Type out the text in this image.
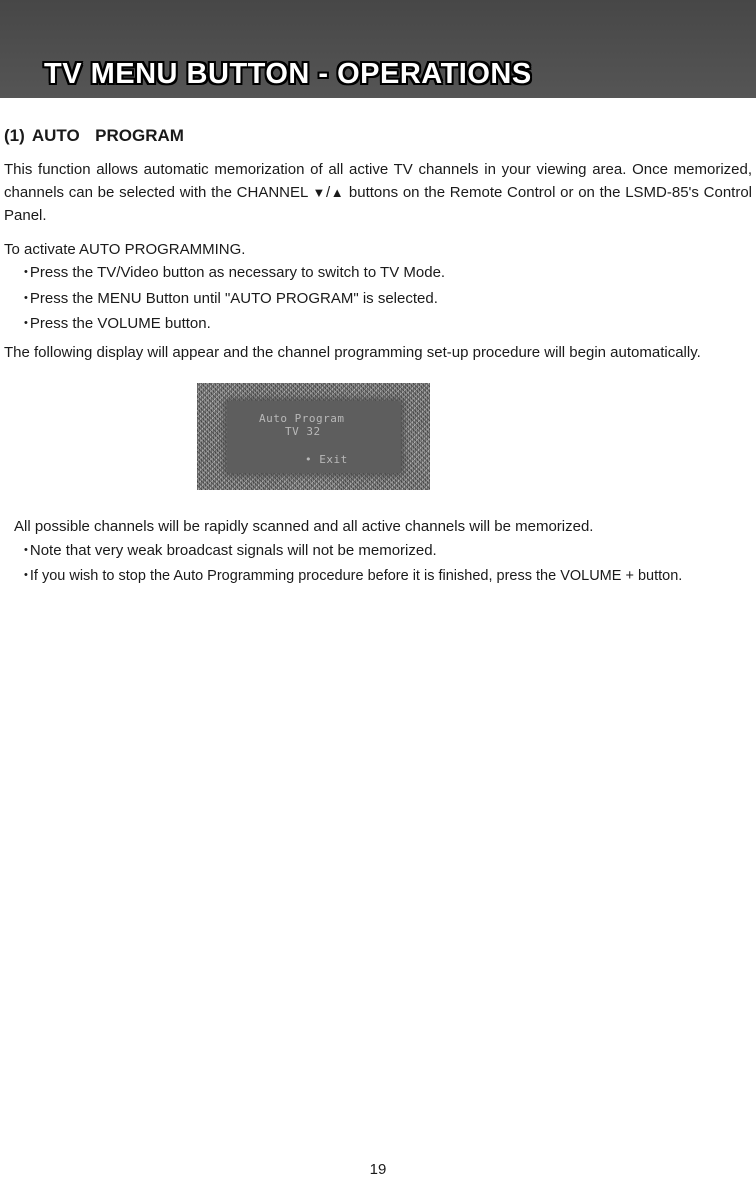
TV MENU BUTTON - OPERATIONS
(1) AUTO  PROGRAM
This function allows automatic memorization of all active TV channels in your viewing area. Once memorized, channels can be selected with the CHANNEL ▼/▲ buttons on the Remote Control or on the LSMD-85's Control Panel.
To activate AUTO PROGRAMMING.
• Press the TV/Video button as necessary to switch to TV Mode.
• Press the MENU Button until "AUTO PROGRAM" is selected.
• Press the VOLUME button.
The following display will appear and the channel programming set-up procedure will begin automatically.
Auto Program
TV 32
• Exit
All possible channels will be rapidly scanned and all active channels will be memorized.
• Note that very weak broadcast signals will not be memorized.
• If you wish to stop the Auto Programming procedure before it is finished, press the VOLUME + button.
19
